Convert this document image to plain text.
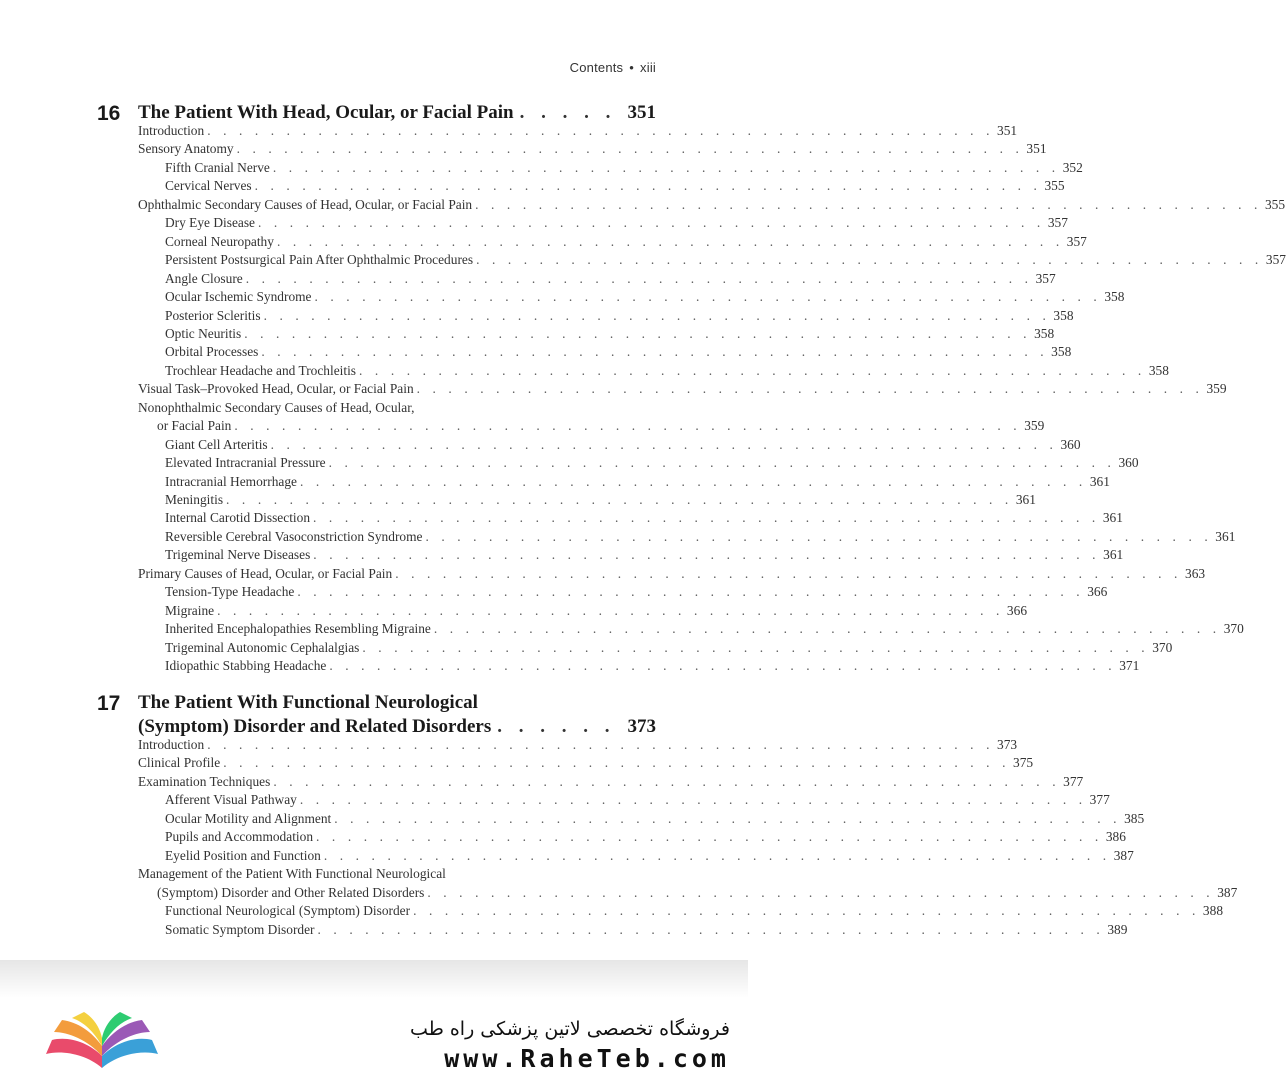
Contents • xiii
16 The Patient With Head, Ocular, or Facial Pain . . . . . 351
Introduction . . . . . . . . . . . . . . . . . . . . . . . . . . . . . . . . . . . . . . . . . . . . . . . . . . 351
Sensory Anatomy . . . . . . . . . . . . . . . . . . . . . . . . . . . . . . . . . . . . . . . . . . . . . . . . . . 351
Fifth Cranial Nerve . . . . . . . . . . . . . . . . . . . . . . . . . . . . . . . . . . . . . . . . . . . . . . . . . . 352
Cervical Nerves . . . . . . . . . . . . . . . . . . . . . . . . . . . . . . . . . . . . . . . . . . . . . . . . . . 355
Ophthalmic Secondary Causes of Head, Ocular, or Facial Pain . . . . . . . . . . . . . . . . . . . . . . . . . . . . . . . . . . . . . . . . . . . . . . . . . . 355
Dry Eye Disease . . . . . . . . . . . . . . . . . . . . . . . . . . . . . . . . . . . . . . . . . . . . . . . . . . 357
Corneal Neuropathy . . . . . . . . . . . . . . . . . . . . . . . . . . . . . . . . . . . . . . . . . . . . . . . . . . 357
Persistent Postsurgical Pain After Ophthalmic Procedures . . . . . . . . . . . . . . . . . . . . . . . . . . . . . . . . . . . . . . . . . . . . . . . . . . 357
Angle Closure . . . . . . . . . . . . . . . . . . . . . . . . . . . . . . . . . . . . . . . . . . . . . . . . . . 357
Ocular Ischemic Syndrome . . . . . . . . . . . . . . . . . . . . . . . . . . . . . . . . . . . . . . . . . . . . . . . . . . 358
Posterior Scleritis . . . . . . . . . . . . . . . . . . . . . . . . . . . . . . . . . . . . . . . . . . . . . . . . . . 358
Optic Neuritis . . . . . . . . . . . . . . . . . . . . . . . . . . . . . . . . . . . . . . . . . . . . . . . . . . 358
Orbital Processes . . . . . . . . . . . . . . . . . . . . . . . . . . . . . . . . . . . . . . . . . . . . . . . . . . 358
Trochlear Headache and Trochleitis . . . . . . . . . . . . . . . . . . . . . . . . . . . . . . . . . . . . . . . . . . . . . . . . . . 358
Visual Task–Provoked Head, Ocular, or Facial Pain . . . . . . . . . . . . . . . . . . . . . . . . . . . . . . . . . . . . . . . . . . . . . . . . . . 359
Nonophthalmic Secondary Causes of Head, Ocular,
or Facial Pain . . . . . . . . . . . . . . . . . . . . . . . . . . . . . . . . . . . . . . . . . . . . . . . . . . 359
Giant Cell Arteritis . . . . . . . . . . . . . . . . . . . . . . . . . . . . . . . . . . . . . . . . . . . . . . . . . . 360
Elevated Intracranial Pressure . . . . . . . . . . . . . . . . . . . . . . . . . . . . . . . . . . . . . . . . . . . . . . . . . . 360
Intracranial Hemorrhage . . . . . . . . . . . . . . . . . . . . . . . . . . . . . . . . . . . . . . . . . . . . . . . . . . 361
Meningitis . . . . . . . . . . . . . . . . . . . . . . . . . . . . . . . . . . . . . . . . . . . . . . . . . . 361
Internal Carotid Dissection . . . . . . . . . . . . . . . . . . . . . . . . . . . . . . . . . . . . . . . . . . . . . . . . . . 361
Reversible Cerebral Vasoconstriction Syndrome . . . . . . . . . . . . . . . . . . . . . . . . . . . . . . . . . . . . . . . . . . . . . . . . . . 361
Trigeminal Nerve Diseases . . . . . . . . . . . . . . . . . . . . . . . . . . . . . . . . . . . . . . . . . . . . . . . . . . 361
Primary Causes of Head, Ocular, or Facial Pain . . . . . . . . . . . . . . . . . . . . . . . . . . . . . . . . . . . . . . . . . . . . . . . . . . 363
Tension-Type Headache . . . . . . . . . . . . . . . . . . . . . . . . . . . . . . . . . . . . . . . . . . . . . . . . . . 366
Migraine . . . . . . . . . . . . . . . . . . . . . . . . . . . . . . . . . . . . . . . . . . . . . . . . . . 366
Inherited Encephalopathies Resembling Migraine . . . . . . . . . . . . . . . . . . . . . . . . . . . . . . . . . . . . . . . . . . . . . . . . . . 370
Trigeminal Autonomic Cephalalgias . . . . . . . . . . . . . . . . . . . . . . . . . . . . . . . . . . . . . . . . . . . . . . . . . . 370
Idiopathic Stabbing Headache . . . . . . . . . . . . . . . . . . . . . . . . . . . . . . . . . . . . . . . . . . . . . . . . . . 371
17 The Patient With Functional Neurological
(Symptom) Disorder and Related Disorders . . . . . . 373
Introduction . . . . . . . . . . . . . . . . . . . . . . . . . . . . . . . . . . . . . . . . . . . . . . . . . . 373
Clinical Profile . . . . . . . . . . . . . . . . . . . . . . . . . . . . . . . . . . . . . . . . . . . . . . . . . . 375
Examination Techniques . . . . . . . . . . . . . . . . . . . . . . . . . . . . . . . . . . . . . . . . . . . . . . . . . . 377
Afferent Visual Pathway . . . . . . . . . . . . . . . . . . . . . . . . . . . . . . . . . . . . . . . . . . . . . . . . . . 377
Ocular Motility and Alignment . . . . . . . . . . . . . . . . . . . . . . . . . . . . . . . . . . . . . . . . . . . . . . . . . . 385
Pupils and Accommodation . . . . . . . . . . . . . . . . . . . . . . . . . . . . . . . . . . . . . . . . . . . . . . . . . . 386
Eyelid Position and Function . . . . . . . . . . . . . . . . . . . . . . . . . . . . . . . . . . . . . . . . . . . . . . . . . . 387
Management of the Patient With Functional Neurological
(Symptom) Disorder and Other Related Disorders . . . . . . . . . . . . . . . . . . . . . . . . . . . . . . . . . . . . . . . . . . . . . . . . . . 387
Functional Neurological (Symptom) Disorder . . . . . . . . . . . . . . . . . . . . . . . . . . . . . . . . . . . . . . . . . . . . . . . . . . 388
Somatic Symptom Disorder . . . . . . . . . . . . . . . . . . . . . . . . . . . . . . . . . . . . . . . . . . . . . . . . . . 389
فروشگاه تخصصی لاتین پزشکی راه طب
www.RaheTeb.com
